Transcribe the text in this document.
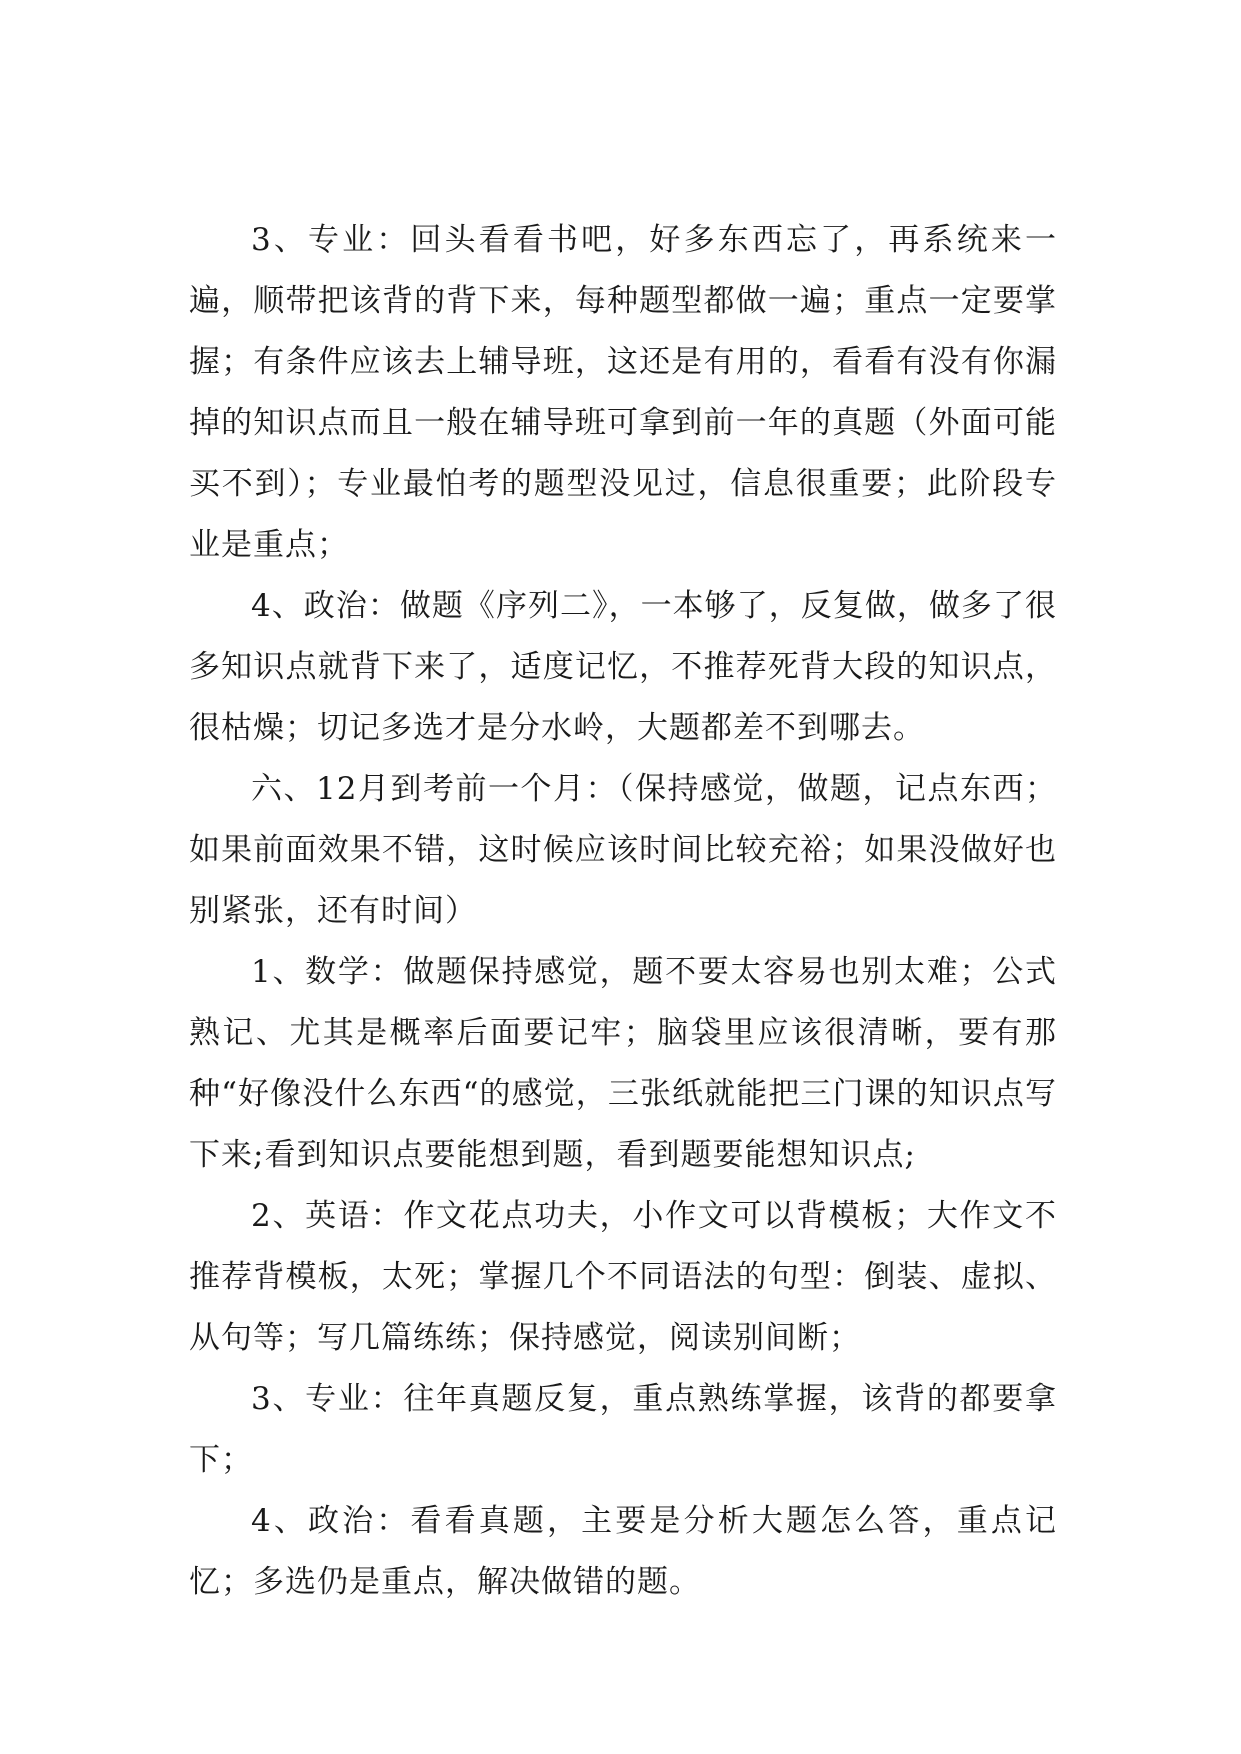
3、专业：回头看看书吧，好多东西忘了，再系统来一遍，顺带把该背的背下来，每种题型都做一遍；重点一定要掌握；有条件应该去上辅导班，这还是有用的，看看有没有你漏掉的知识点而且一般在辅导班可拿到前一年的真题（外面可能买不到）；专业最怕考的题型没见过，信息很重要；此阶段专业是重点；

4、政治：做题《序列二》，一本够了，反复做，做多了很多知识点就背下来了，适度记忆，不推荐死背大段的知识点，很枯燥；切记多选才是分水岭，大题都差不到哪去。

六、12月到考前一个月：（保持感觉，做题，记点东西；如果前面效果不错，这时候应该时间比较充裕；如果没做好也别紧张，还有时间）

1、数学：做题保持感觉，题不要太容易也别太难；公式熟记、尤其是概率后面要记牢；脑袋里应该很清晰，要有那种“好像没什么东西“的感觉，三张纸就能把三门课的知识点写下来;看到知识点要能想到题，看到题要能想知识点;

2、英语：作文花点功夫，小作文可以背模板；大作文不推荐背模板，太死；掌握几个不同语法的句型：倒装、虚拟、从句等；写几篇练练；保持感觉，阅读别间断；

3、专业：往年真题反复，重点熟练掌握，该背的都要拿下；

4、政治：看看真题，主要是分析大题怎么答，重点记忆；多选仍是重点，解决做错的题。
